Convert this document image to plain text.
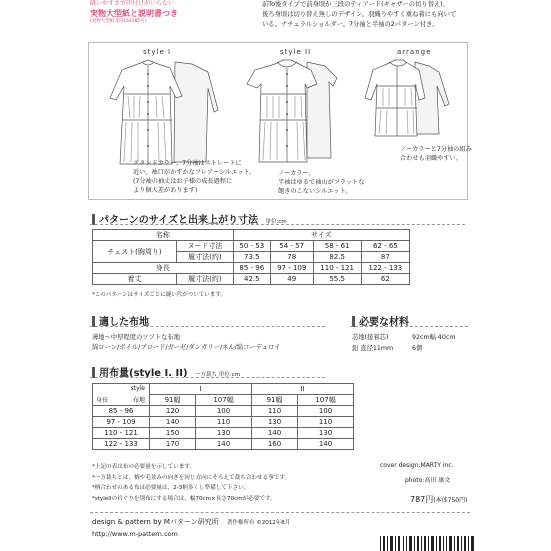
縫いやすさで印付けがいらない
実物大型紙と説明書つき
(実物大型紙 第3150185号)
前To後タイプで前身頃が三段のティアード(ギャザーの切り替え)、
後ろ身頃は切り替え無しのデザイン。羽織りやすく重ね着にも向いて
いる。ナチュラルショルダー。7分袖と半袖の2パターン付き。
style I	style II	arrange
スタンドカラー。7分袖はストレートに
近い、袖口がかすかなフレアーシルエット。
(7分袖の袖丈はお子様の成長過程に
より個人差があります)
ノーカラー。
半袖はゆるで袖山がフラットな
飽きのこないシルエット。
ノーカラーと7分袖の組み
合わせも羽織やすい。
パターンのサイズと出来上がり寸法 単位:cm
名称		サイズ			
チェスト(胸周り)	ヌード寸法	50 - 53	54 - 57	58 - 61	62 - 65
	履寸法(約)	73.5	78	82.5	87
身長		85 - 96	97 - 109	110 - 121	122 - 133
着丈	履寸法(約)	42.5	49	55.5	62
*このパターンはサイズごとに縫い代がついています。
適した布地
薄地〜中厚程度のソフトな布地
綿ローン/ボイル/ブロード/ガーゼ/ダンガリー/ネル/綿コーデュロイ
必要な材料
芯地(接着芯)	92cm幅 40cm
釦 直径11mm	6個
用布量(style I. II) 一方裁ち 単位:cm
style
布地
身長	I		II	
	91幅	107幅	91幅	107幅
85 - 96	120	100	110	100
97 - 109	140	110	130	110
110 - 121	150	130	140	130
122 - 133	170	140	160	140
*上記の表は布の必要量を示しています。
*一方裁ちとは、柄や毛並みの向きを同じ方向にそろえて裁ち合わせる事です。
*柄合わせのある布は必要量は、2-3柄多くし準備して下さい。
*styleIIの衿ぐりを別布にする場合は、幅70cm×長さ70cmが必要です。
cover design:MARTY inc.
photo:高田 康文
787円(本体750円)
design & pattern by Mパターン研究所 著作権所有 ©2012年8月
http://www.m-pattern.com
